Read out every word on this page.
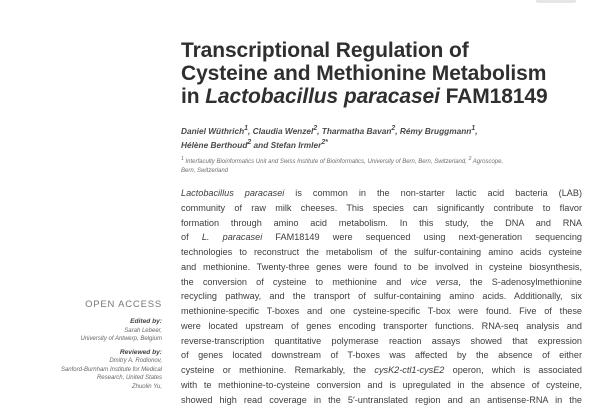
Transcriptional Regulation of
Cysteine and Methionine Metabolism
in Lactobacillus paracasei FAM18149
Daniel Wüthrich$^1$, Claudia Wenzel$^2$, Tharmatha Bavan$^2$, Rémy Bruggmann$^1$,
Hélène Berthoud$^2$ and Stefan Irmler$^{2*}$
$^1$ Interfaculty Bioinformatics Unit and Swiss Institute of Bioinformatics, University of Bern, Bern, Switzerland, $^2$ Agroscope,
Bern, Switzerland
Lactobacillus paracasei is common in the non-starter lactic acid bacteria (LAB)
community of raw milk cheeses. This species can significantly contribute to flavor
formation through amino acid metabolism. In this study, the DNA and RNA
of L. paracasei FAM18149 were sequenced using next-generation sequencing
technologies to reconstruct the metabolism of the sulfur-containing amino acids cysteine
and methionine. Twenty-three genes were found to be involved in cysteine biosynthesis,
the conversion of cysteine to methionine and vice versa, the S-adenosylmethionine
recycling pathway, and the transport of sulfur-containing amino acids. Additionally, six
methionine-specific T-boxes and one cysteine-specific T-box were found. Five of these
were located upstream of genes encoding transporter functions. RNA-seq analysis and
reverse-transcription quantitative polymerase reaction assays showed that expression
of genes located downstream of T-boxes was affected by the absence of either
cysteine or methionine. Remarkably, the cysK2-ctl1-cysE2 operon, which is associated
with te methionine-to-cysteine conversion and is upregulated in the absence of cysteine,
showed high read coverage in the 5′-untranslated region and an antisense-RNA in the
OPEN ACCESS
Edited by:
Sarah Lebeer,
University of Antwerp, Belgium
Reviewed by:
Dmitry A. Rodionov,
Sanford-Burnham Institute for Medical
Research, United States
Zhuolin Yu,
